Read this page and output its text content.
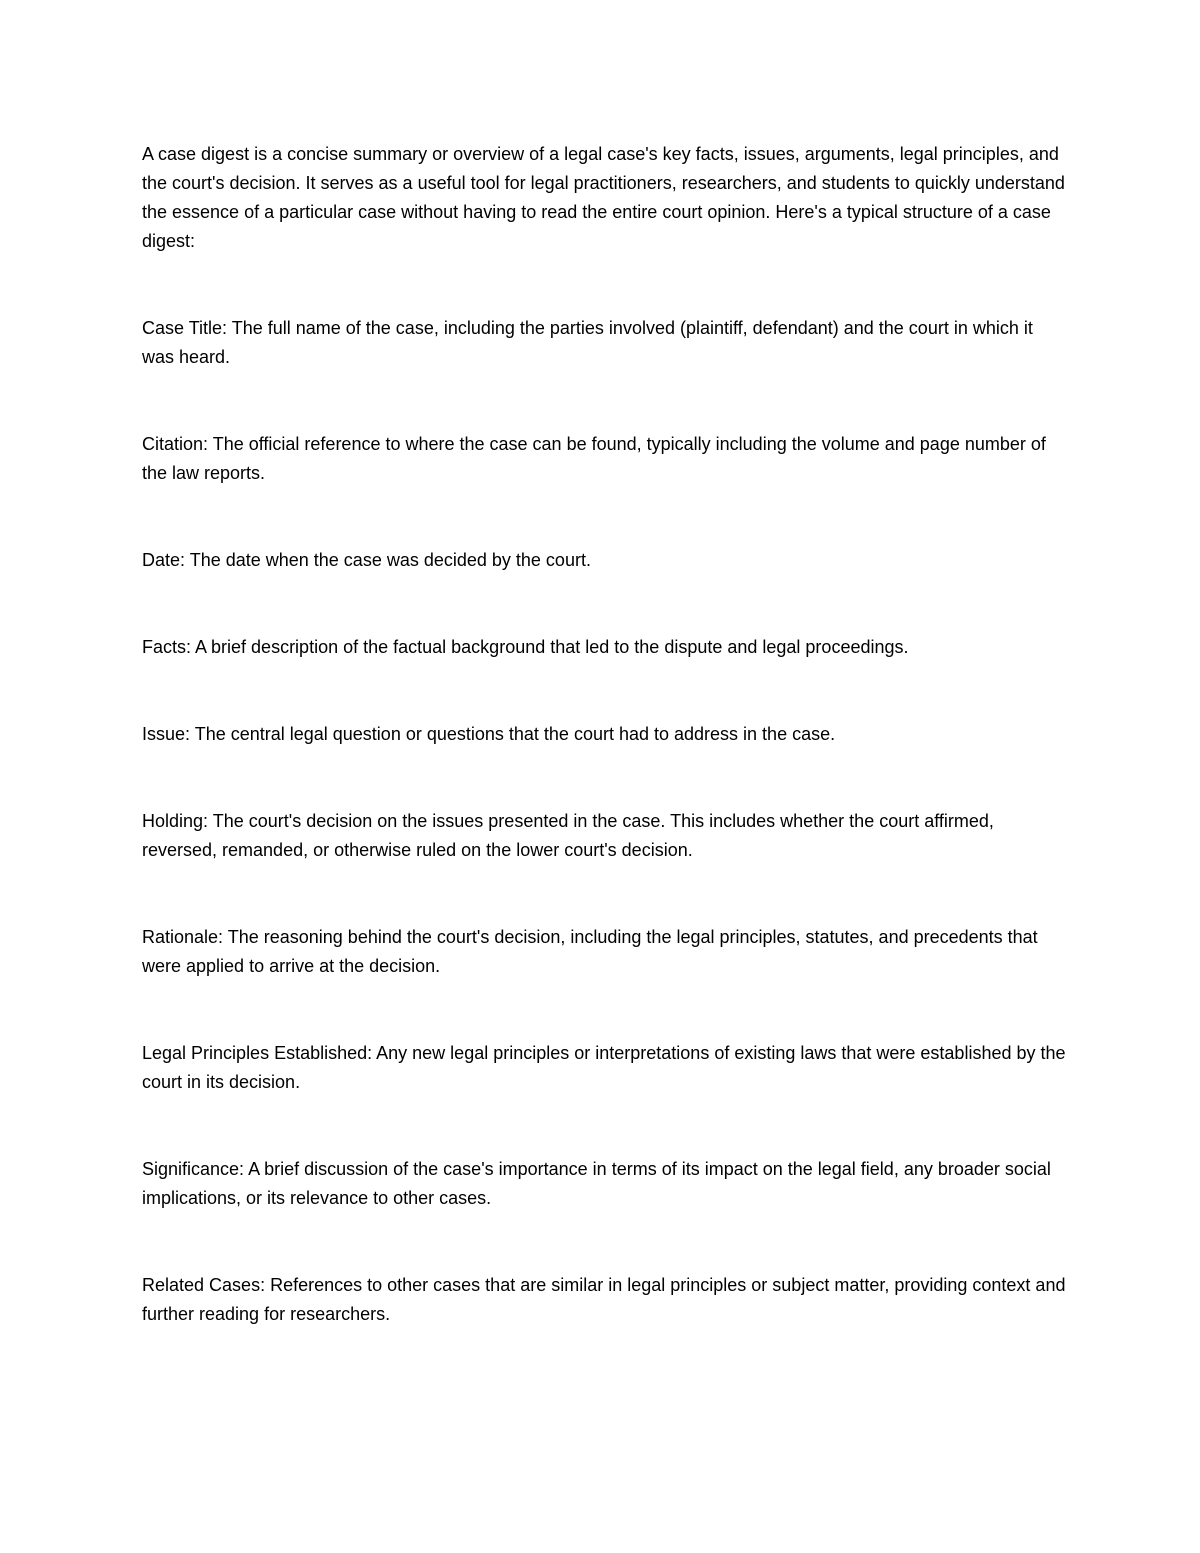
A case digest is a concise summary or overview of a legal case's key facts, issues, arguments, legal principles, and the court's decision. It serves as a useful tool for legal practitioners, researchers, and students to quickly understand the essence of a particular case without having to read the entire court opinion. Here's a typical structure of a case digest:

Case Title: The full name of the case, including the parties involved (plaintiff, defendant) and the court in which it was heard.

Citation: The official reference to where the case can be found, typically including the volume and page number of the law reports.

Date: The date when the case was decided by the court.

Facts: A brief description of the factual background that led to the dispute and legal proceedings.

Issue: The central legal question or questions that the court had to address in the case.

Holding: The court's decision on the issues presented in the case. This includes whether the court affirmed, reversed, remanded, or otherwise ruled on the lower court's decision.

Rationale: The reasoning behind the court's decision, including the legal principles, statutes, and precedents that were applied to arrive at the decision.

Legal Principles Established: Any new legal principles or interpretations of existing laws that were established by the court in its decision.

Significance: A brief discussion of the case's importance in terms of its impact on the legal field, any broader social implications, or its relevance to other cases.

Related Cases: References to other cases that are similar in legal principles or subject matter, providing context and further reading for researchers.
